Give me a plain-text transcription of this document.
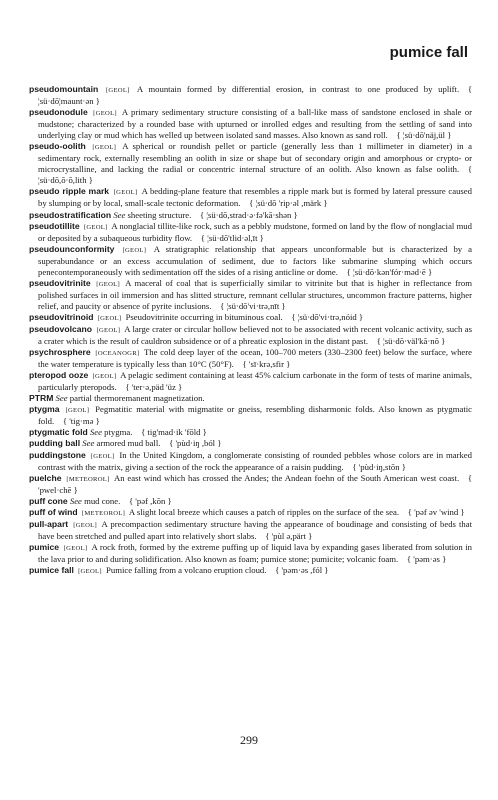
pumice fall

pseudomountain [GEOL] A mountain formed by differential erosion, in contrast to one produced by uplift.  { ¦sü·dō¦maunt·ən }

pseudonodule [GEOL] A primary sedimentary structure consisting of a ball-like mass of sandstone enclosed in shale or mudstone; characterized by a rounded base with upturned or inrolled edges and resulting from the settling of sand into underlying clay or mud which has welled up between isolated sand masses. Also known as sand roll.  { ¦sü·dō'näj,ül }

pseudo-oolith [GEOL] A spherical or roundish pellet or particle (generally less than 1 millimeter in diameter) in a sedimentary rock, externally resembling an oolith in size or shape but of secondary origin and amorphous or crypto- or microcrystalline, and lacking the radial or concentric internal structure of an oolith. Also known as false oolith.  { ¦sü·dō,ō·ō,lith }

pseudo ripple mark [GEOL] A bedding-plane feature that resembles a ripple mark but is formed by lateral pressure caused by slumping or by local, small-scale tectonic deformation.  { ¦sü·dō 'rip·əl ,märk }

pseudostratification See sheeting structure.  { ¦sü·dō,strad·ə·fə'kā·shən }

pseudotillite [GEOL] A nonglacial tillite-like rock, such as a pebbly mudstone, formed on land by the flow of nonglacial mud or deposited by a subaqueous turbidity flow.  { ¦sü·dō'tlid·əl,īt }

pseudounconformity [GEOL] A stratigraphic relationship that appears unconformable but is characterized by a superabundance or an excess accumulation of sediment, due to factors like submarine slumping which occurs penecontemporaneously with sedimentation off the sides of a rising anticline or dome.  { ¦sü·dō·kən'fór·məd·ē }

pseudovitrinite [GEOL] A maceral of coal that is superficially similar to vitrinite but that is higher in reflectance from polished surfaces in oil immersion and has slitted structure, remnant cellular structures, uncommon fracture patterns, higher relief, and paucity or absence of pyrite inclusions.  { ¦sü·dō'vi·trə,nīt }

pseudovitrinoid [GEOL] Pseudovitrinite occurring in bituminous coal.  { ¦sü·dō'vi·trə,nóid }

pseudovolcano [GEOL] A large crater or circular hollow believed not to be associated with recent volcanic activity, such as a crater which is the result of cauldron subsidence or of a phreatic explosion in the distant past.  { ¦sü·dō·väl'kā·nō }

psychrosphere [OCEANOGR] The cold deep layer of the ocean, 100–700 meters (330–2300 feet) below the surface, where the water temperature is typically less than 10°C (50°F).  { 'sī·krə,sfir }

pteropod ooze [GEOL] A pelagic sediment containing at least 45% calcium carbonate in the form of tests of marine animals, particularly pteropods.  { 'ter·ə,päd 'üz }

PTRM See partial thermoremanent magnetization.

ptygma [GEOL] Pegmatitic material with migmatite or gneiss, resembling disharmonic folds. Also known as ptygmatic fold.  { 'tig·mə }

ptygmatic fold See ptygma.  { tig'mad·ik 'fōld }

pudding ball See armored mud ball.  { 'pùd·iŋ ,ból }

puddingstone [GEOL] In the United Kingdom, a conglomerate consisting of rounded pebbles whose colors are in marked contrast with the matrix, giving a section of the rock the appearance of a raisin pudding.  { 'pùd·iŋ,stōn }

puelche [METEOROL] An east wind which has crossed the Andes; the Andean foehn of the South American west coast.  { 'pwel·chē }

puff cone See mud cone.  { 'pəf ,kōn }

puff of wind [METEOROL] A slight local breeze which causes a patch of ripples on the surface of the sea.  { 'pəf əv 'wind }

pull-apart [GEOL] A precompaction sedimentary structure having the appearance of boudinage and consisting of beds that have been stretched and pulled apart into relatively short slabs.  { 'pùl ə,pärt }

pumice [GEOL] A rock froth, formed by the extreme puffing up of liquid lava by expanding gases liberated from solution in the lava prior to and during solidification. Also known as foam; pumice stone; pumicite; volcanic foam.  { 'pəm·əs }

pumice fall [GEOL] Pumice falling from a volcano eruption cloud.  { 'pəm·əs ,fól }

299
